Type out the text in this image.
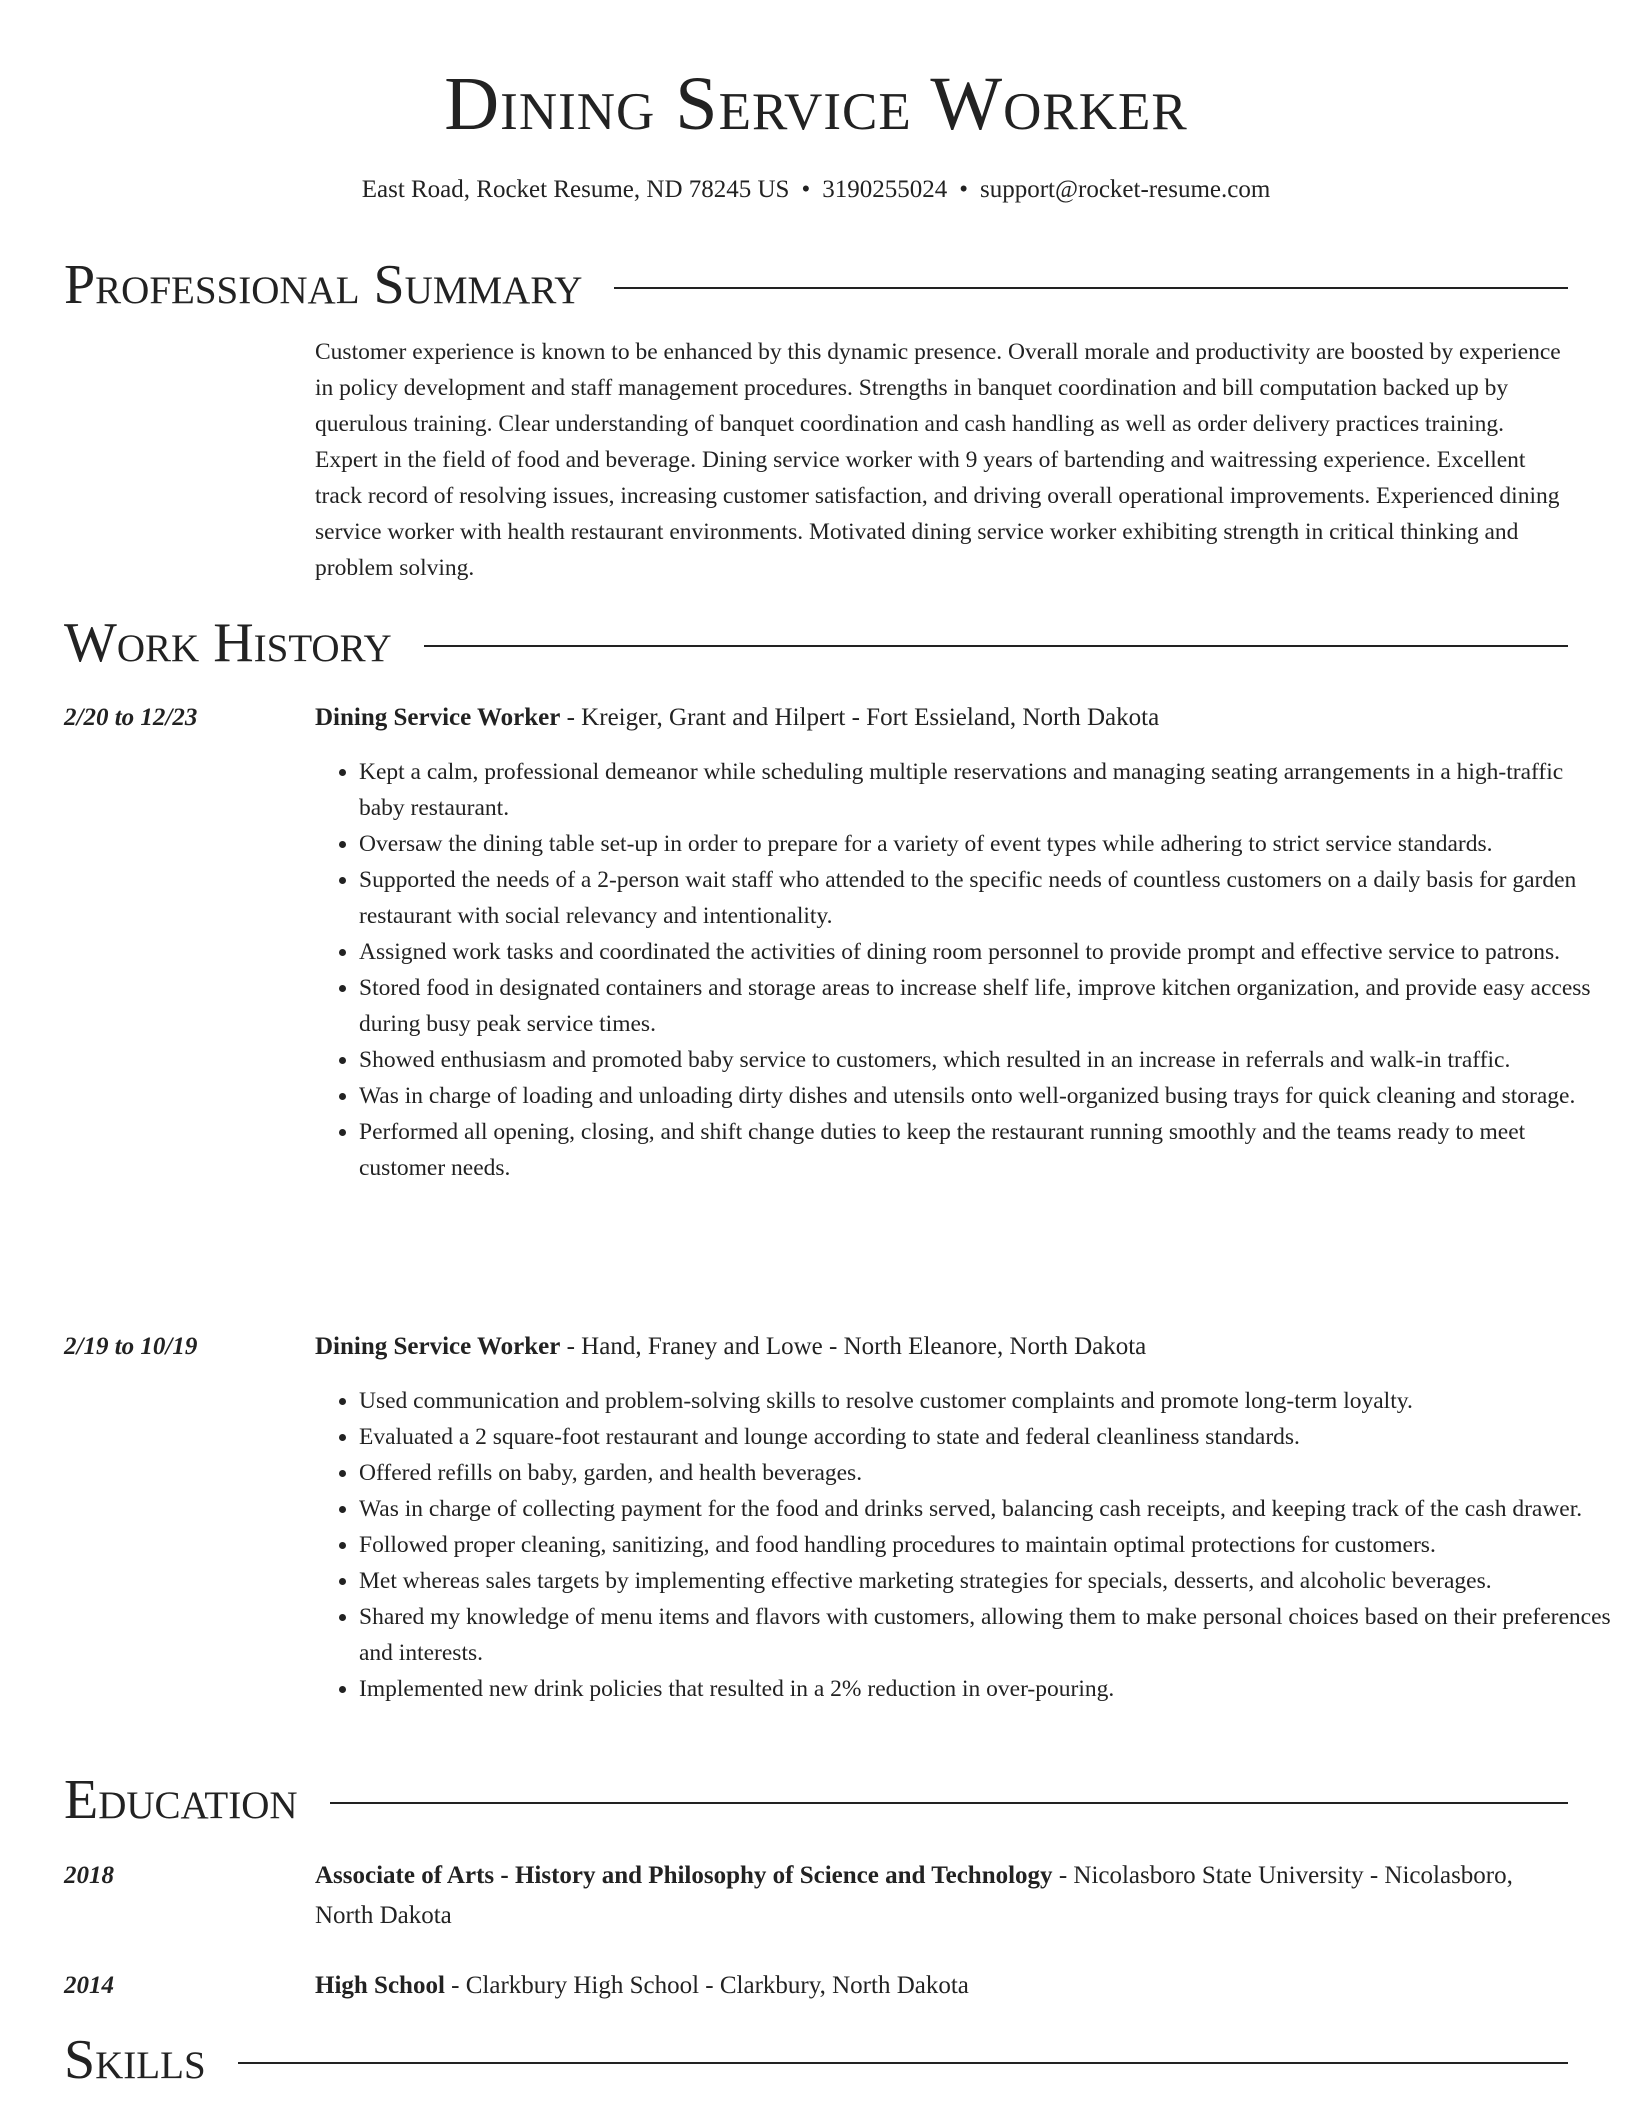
Dining Service Worker
East Road, Rocket Resume, ND 78245 US • 3190255024 • support@rocket-resume.com
Professional Summary
Customer experience is known to be enhanced by this dynamic presence. Overall morale and productivity are boosted by experience in policy development and staff management procedures. Strengths in banquet coordination and bill computation backed up by querulous training. Clear understanding of banquet coordination and cash handling as well as order delivery practices training. Expert in the field of food and beverage. Dining service worker with 9 years of bartending and waitressing experience. Excellent track record of resolving issues, increasing customer satisfaction, and driving overall operational improvements. Experienced dining service worker with health restaurant environments. Motivated dining service worker exhibiting strength in critical thinking and problem solving.
Work History
2/20 to 12/23	Dining Service Worker - Kreiger, Grant and Hilpert - Fort Essieland, North Dakota
• Kept a calm, professional demeanor while scheduling multiple reservations and managing seating arrangements in a high-traffic baby restaurant.
• Oversaw the dining table set-up in order to prepare for a variety of event types while adhering to strict service standards.
• Supported the needs of a 2-person wait staff who attended to the specific needs of countless customers on a daily basis for garden restaurant with social relevancy and intentionality.
• Assigned work tasks and coordinated the activities of dining room personnel to provide prompt and effective service to patrons.
• Stored food in designated containers and storage areas to increase shelf life, improve kitchen organization, and provide easy access during busy peak service times.
• Showed enthusiasm and promoted baby service to customers, which resulted in an increase in referrals and walk-in traffic.
• Was in charge of loading and unloading dirty dishes and utensils onto well-organized busing trays for quick cleaning and storage.
• Performed all opening, closing, and shift change duties to keep the restaurant running smoothly and the teams ready to meet customer needs.
2/19 to 10/19	Dining Service Worker - Hand, Franey and Lowe - North Eleanore, North Dakota
• Used communication and problem-solving skills to resolve customer complaints and promote long-term loyalty.
• Evaluated a 2 square-foot restaurant and lounge according to state and federal cleanliness standards.
• Offered refills on baby, garden, and health beverages.
• Was in charge of collecting payment for the food and drinks served, balancing cash receipts, and keeping track of the cash drawer.
• Followed proper cleaning, sanitizing, and food handling procedures to maintain optimal protections for customers.
• Met whereas sales targets by implementing effective marketing strategies for specials, desserts, and alcoholic beverages.
• Shared my knowledge of menu items and flavors with customers, allowing them to make personal choices based on their preferences and interests.
• Implemented new drink policies that resulted in a 2% reduction in over-pouring.
Education
2018	Associate of Arts - History and Philosophy of Science and Technology - Nicolasboro State University - Nicolasboro, North Dakota
2014	High School - Clarkbury High School - Clarkbury, North Dakota
Skills
